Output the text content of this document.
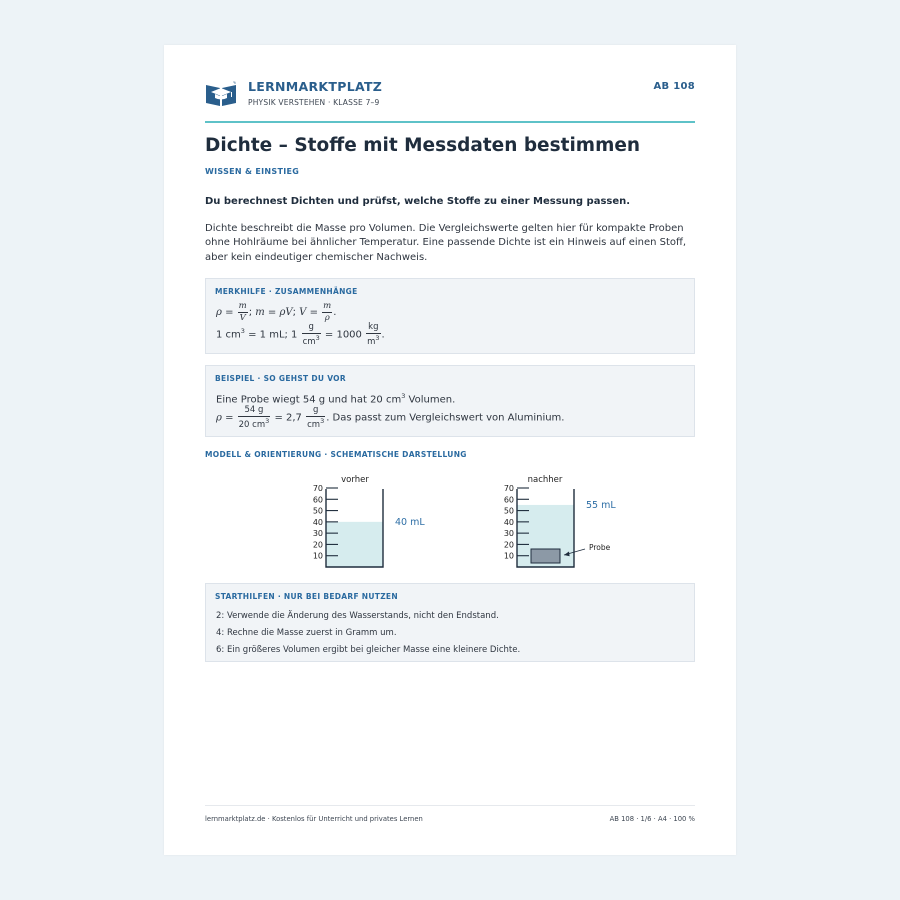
LERNMARKTPLATZ
PHYSIK VERSTEHEN · KLASSE 7–9
AB 108
Dichte – Stoffe mit Messdaten bestimmen
WISSEN & EINSTIEG
Du berechnest Dichten und prüfst, welche Stoffe zu einer Messung passen.
Dichte beschreibt die Masse pro Volumen. Die Vergleichswerte gelten hier für kompakte Proben ohne Hohlräume bei ähnlicher Temperatur. Eine passende Dichte ist ein Hinweis auf einen Stoff, aber kein eindeutiger chemischer Nachweis.
MERKHILFE · ZUSAMMENHÄNGE
$\rho = \frac{m}{V}$ ; m = ρV; $V = \frac{m}{\rho}$ .
1 $cm^3 = 1$ mL; $1 \frac{g}{cm^3} = 1000 \frac{kg}{m^3}$ .
BEISPIEL · SO GEHST DU VOR
Eine Probe wiegt 54 g und hat 20 $cm^3$ Volumen.
$\rho = \frac{54 g}{20 cm^3} = 2,7 \frac{g}{cm^3}$ . Das passt zum Vergleichswert von Aluminium.
MODELL & ORIENTIERUNG · SCHEMATISCHE DARSTELLUNG
vorher
70
60
50
40
30
20
10
40 mL
nachher
70
60
50
40
30
20
10
55 mL
Probe
STARTHILFEN · NUR BEI BEDARF NUTZEN
2: Verwende die Änderung des Wasserstands, nicht den Endstand.
4: Rechne die Masse zuerst in Gramm um.
6: Ein größeres Volumen ergibt bei gleicher Masse eine kleinere Dichte.
lernmarktplatz.de · Kostenlos für Unterricht und privates Lernen	AB 108 · 1/6 · A4 · 100 %
